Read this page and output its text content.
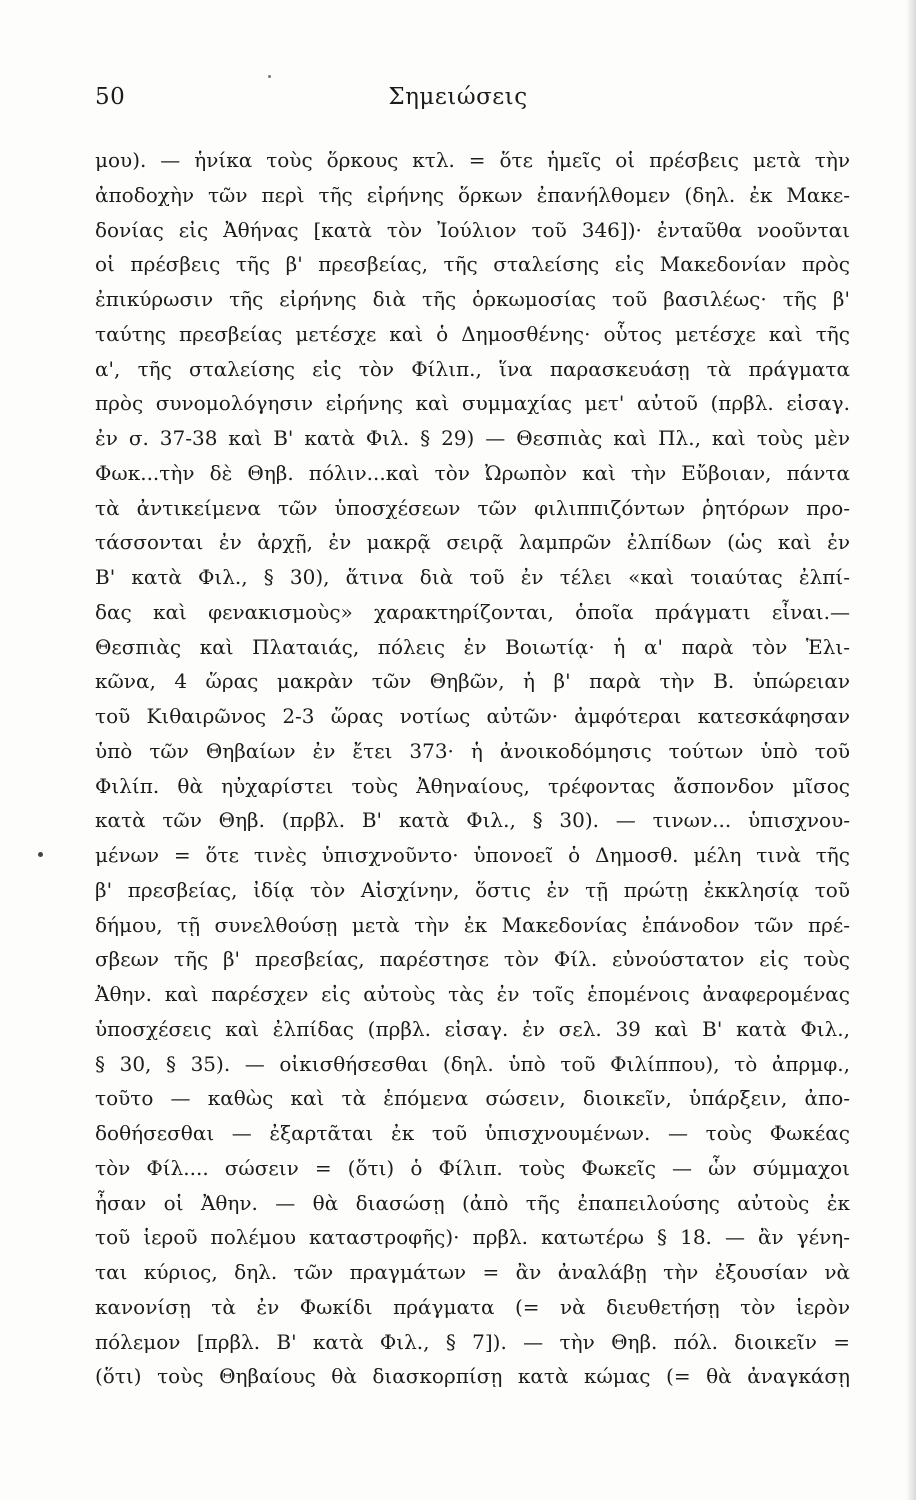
50	Σημειώσεις
μου). — ἡνίκα τοὺς ὅρκους κτλ. = ὅτε ἡμεῖς οἱ πρέσβεις μετὰ τὴν
ἀποδοχὴν τῶν περὶ τῆς εἰρήνης ὅρκων ἐπανήλθομεν (δηλ. ἐκ Μακε-
δονίας εἰς Ἀθήνας [κατὰ τὸν Ἰούλιον τοῦ 346])· ἐνταῦθα νοοῦνται
οἱ πρέσβεις τῆς β' πρεσβείας, τῆς σταλείσης εἰς Μακεδονίαν πρὸς
ἐπικύρωσιν τῆς εἰρήνης διὰ τῆς ὁρκωμοσίας τοῦ βασιλέως· τῆς β'
ταύτης πρεσβείας μετέσχε καὶ ὁ Δημοσθένης· οὗτος μετέσχε καὶ τῆς
α', τῆς σταλείσης εἰς τὸν Φίλιπ., ἵνα παρασκευάσῃ τὰ πράγματα
πρὸς συνομολόγησιν εἰρήνης καὶ συμμαχίας μετ' αὐτοῦ (πρβλ. εἰσαγ.
ἐν σ. 37-38 καὶ Β' κατὰ Φιλ. § 29) — Θεσπιὰς καὶ Πλ., καὶ τοὺς μὲν
Φωκ...τὴν δὲ Θηβ. πόλιν...καὶ τὸν Ὠρωπὸν καὶ τὴν Εὔβοιαν, πάντα
τὰ ἀντικείμενα τῶν ὑποσχέσεων τῶν φιλιππιζόντων ῥητόρων προ-
τάσσονται ἐν ἀρχῇ, ἐν μακρᾷ σειρᾷ λαμπρῶν ἐλπίδων (ὡς καὶ ἐν
Β' κατὰ Φιλ., § 30), ἅτινα διὰ τοῦ ἐν τέλει «καὶ τοιαύτας ἐλπί-
δας καὶ φενακισμοὺς» χαρακτηρίζονται, ὁποῖα πράγματι εἶναι.—
Θεσπιὰς καὶ Πλαταιάς, πόλεις ἐν Βοιωτίᾳ· ἡ α' παρὰ τὸν Ἑλι-
κῶνα, 4 ὥρας μακρὰν τῶν Θηβῶν, ἡ β' παρὰ τὴν Β. ὑπώρειαν
τοῦ Κιθαιρῶνος 2-3 ὥρας νοτίως αὐτῶν· ἀμφότεραι κατεσκάφησαν
ὑπὸ τῶν Θηβαίων ἐν ἔτει 373· ἡ ἀνοικοδόμησις τούτων ὑπὸ τοῦ
Φιλίπ. θὰ ηὐχαρίστει τοὺς Ἀθηναίους, τρέφοντας ἄσπονδον μῖσος
κατὰ τῶν Θηβ. (πρβλ. Β' κατὰ Φιλ., § 30). — τινων... ὑπισχνου-
μένων = ὅτε τινὲς ὑπισχνοῦντο· ὑπονοεῖ ὁ Δημοσθ. μέλη τινὰ τῆς
β' πρεσβείας, ἰδίᾳ τὸν Αἰσχίνην, ὅστις ἐν τῇ πρώτῃ ἐκκλησίᾳ τοῦ
δήμου, τῇ συνελθούσῃ μετὰ τὴν ἐκ Μακεδονίας ἐπάνοδον τῶν πρέ-
σβεων τῆς β' πρεσβείας, παρέστησε τὸν Φίλ. εὐνούστατον εἰς τοὺς
Ἀθην. καὶ παρέσχεν εἰς αὐτοὺς τὰς ἐν τοῖς ἑπομένοις ἀναφερομένας
ὑποσχέσεις καὶ ἐλπίδας (πρβλ. εἰσαγ. ἐν σελ. 39 καὶ Β' κατὰ Φιλ.,
§ 30, § 35). — οἰκισθήσεσθαι (δηλ. ὑπὸ τοῦ Φιλίππου), τὸ ἀπρμφ.,
τοῦτο — καθὼς καὶ τὰ ἑπόμενα σώσειν, διοικεῖν, ὑπάρξειν, ἀπο-
δοθήσεσθαι — ἐξαρτᾶται ἐκ τοῦ ὑπισχνουμένων. — τοὺς Φωκέας
τὸν Φίλ.... σώσειν = (ὅτι) ὁ Φίλιπ. τοὺς Φωκεῖς — ὧν σύμμαχοι
ἦσαν οἱ Ἀθην. — θὰ διασώσῃ (ἀπὸ τῆς ἐπαπειλούσης αὐτοὺς ἐκ
τοῦ ἱεροῦ πολέμου καταστροφῆς)· πρβλ. κατωτέρω § 18. — ἂν γένη-
ται κύριος, δηλ. τῶν πραγμάτων = ἂν ἀναλάβῃ τὴν ἐξουσίαν νὰ
κανονίσῃ τὰ ἐν Φωκίδι πράγματα (= νὰ διευθετήσῃ τὸν ἱερὸν
πόλεμον [πρβλ. Β' κατὰ Φιλ., § 7]). — τὴν Θηβ. πόλ. διοικεῖν =
(ὅτι) τοὺς Θηβαίους θὰ διασκορπίσῃ κατὰ κώμας (= θὰ ἀναγκάσῃ
